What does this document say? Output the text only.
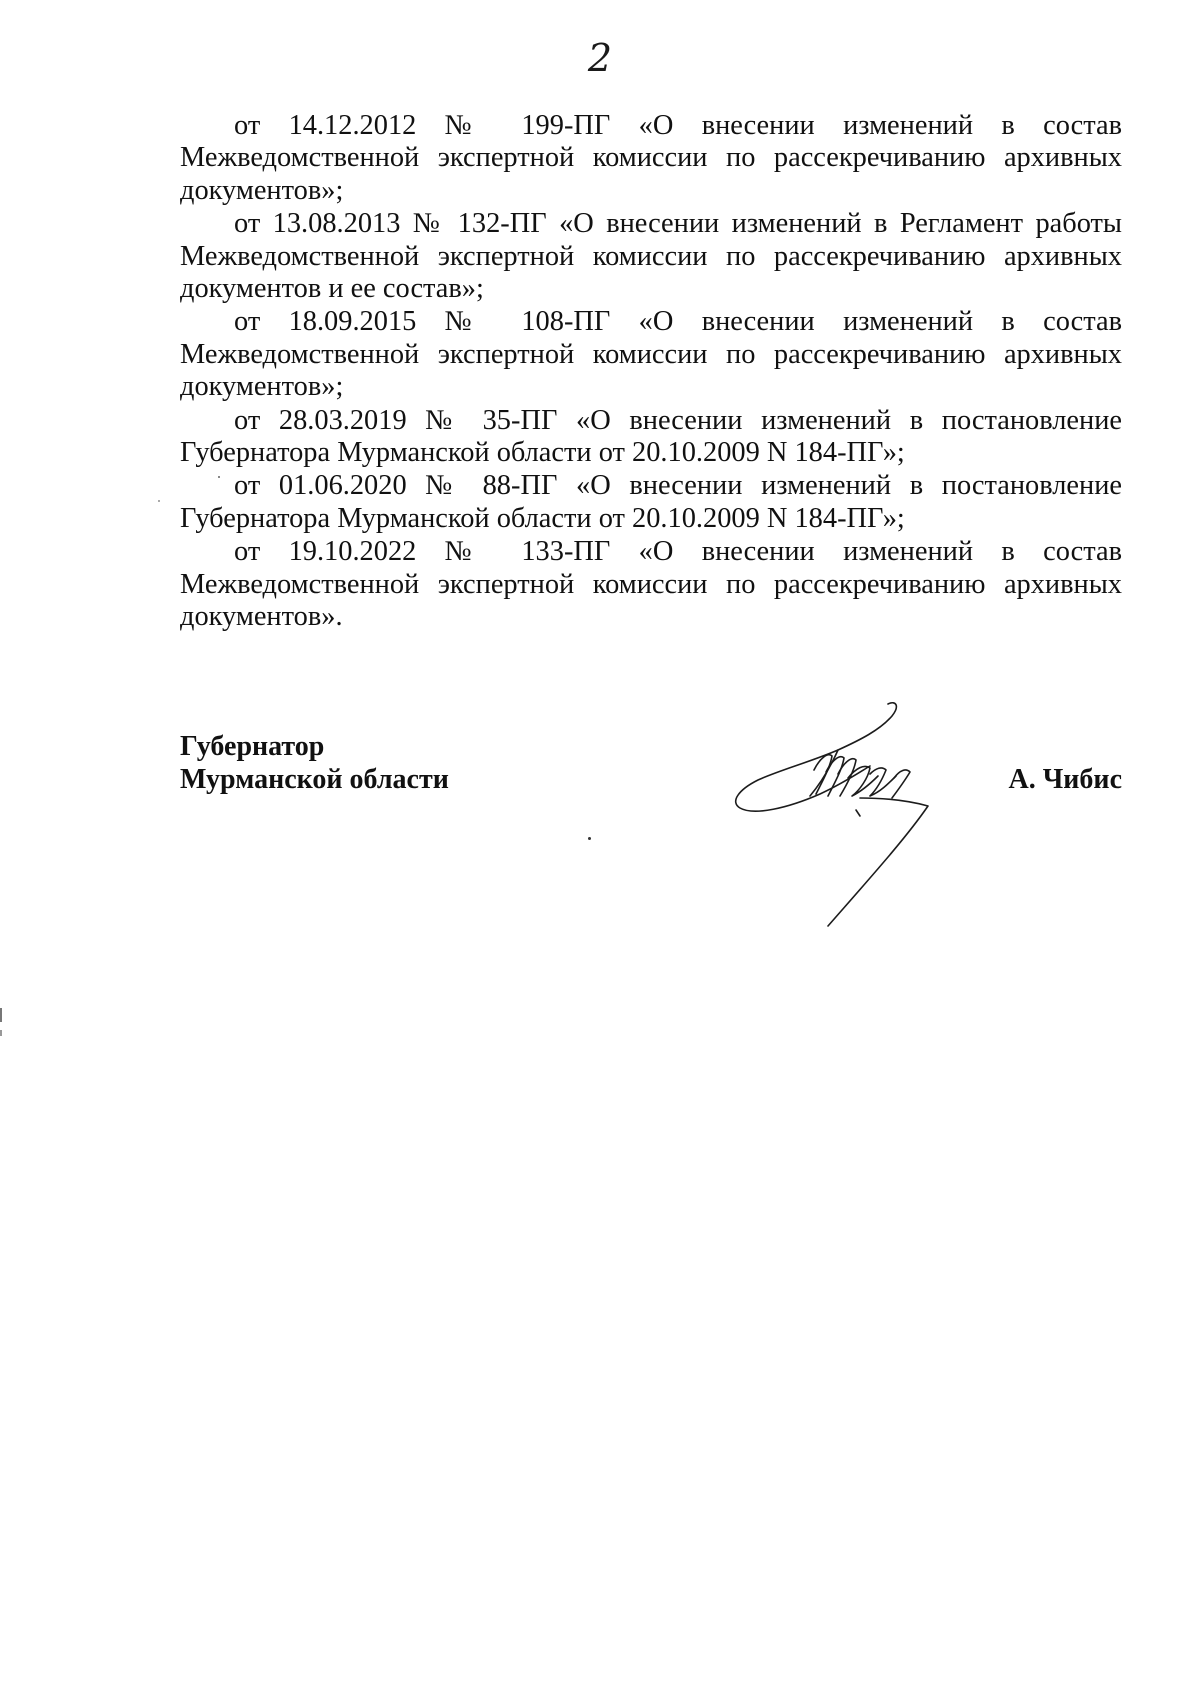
2

от 14.12.2012 № 199-ПГ «О внесении изменений в состав Межведомственной экспертной комиссии по рассекречиванию архивных документов»;

от 13.08.2013 № 132-ПГ «О внесении изменений в Регламент работы Межведомственной экспертной комиссии по рассекречиванию архивных документов и ее состав»;

от 18.09.2015 № 108-ПГ «О внесении изменений в состав Межведомственной экспертной комиссии по рассекречиванию архивных документов»;

от 28.03.2019 № 35-ПГ «О внесении изменений в постановление Губернатора Мурманской области от 20.10.2009 N 184-ПГ»;

от 01.06.2020 № 88-ПГ «О внесении изменений в постановление Губернатора Мурманской области от 20.10.2009 N 184-ПГ»;

от 19.10.2022 № 133-ПГ «О внесении изменений в состав Межведомственной экспертной комиссии по рассекречиванию архивных документов».

Губернатор
Мурманской области	А. Чибис
